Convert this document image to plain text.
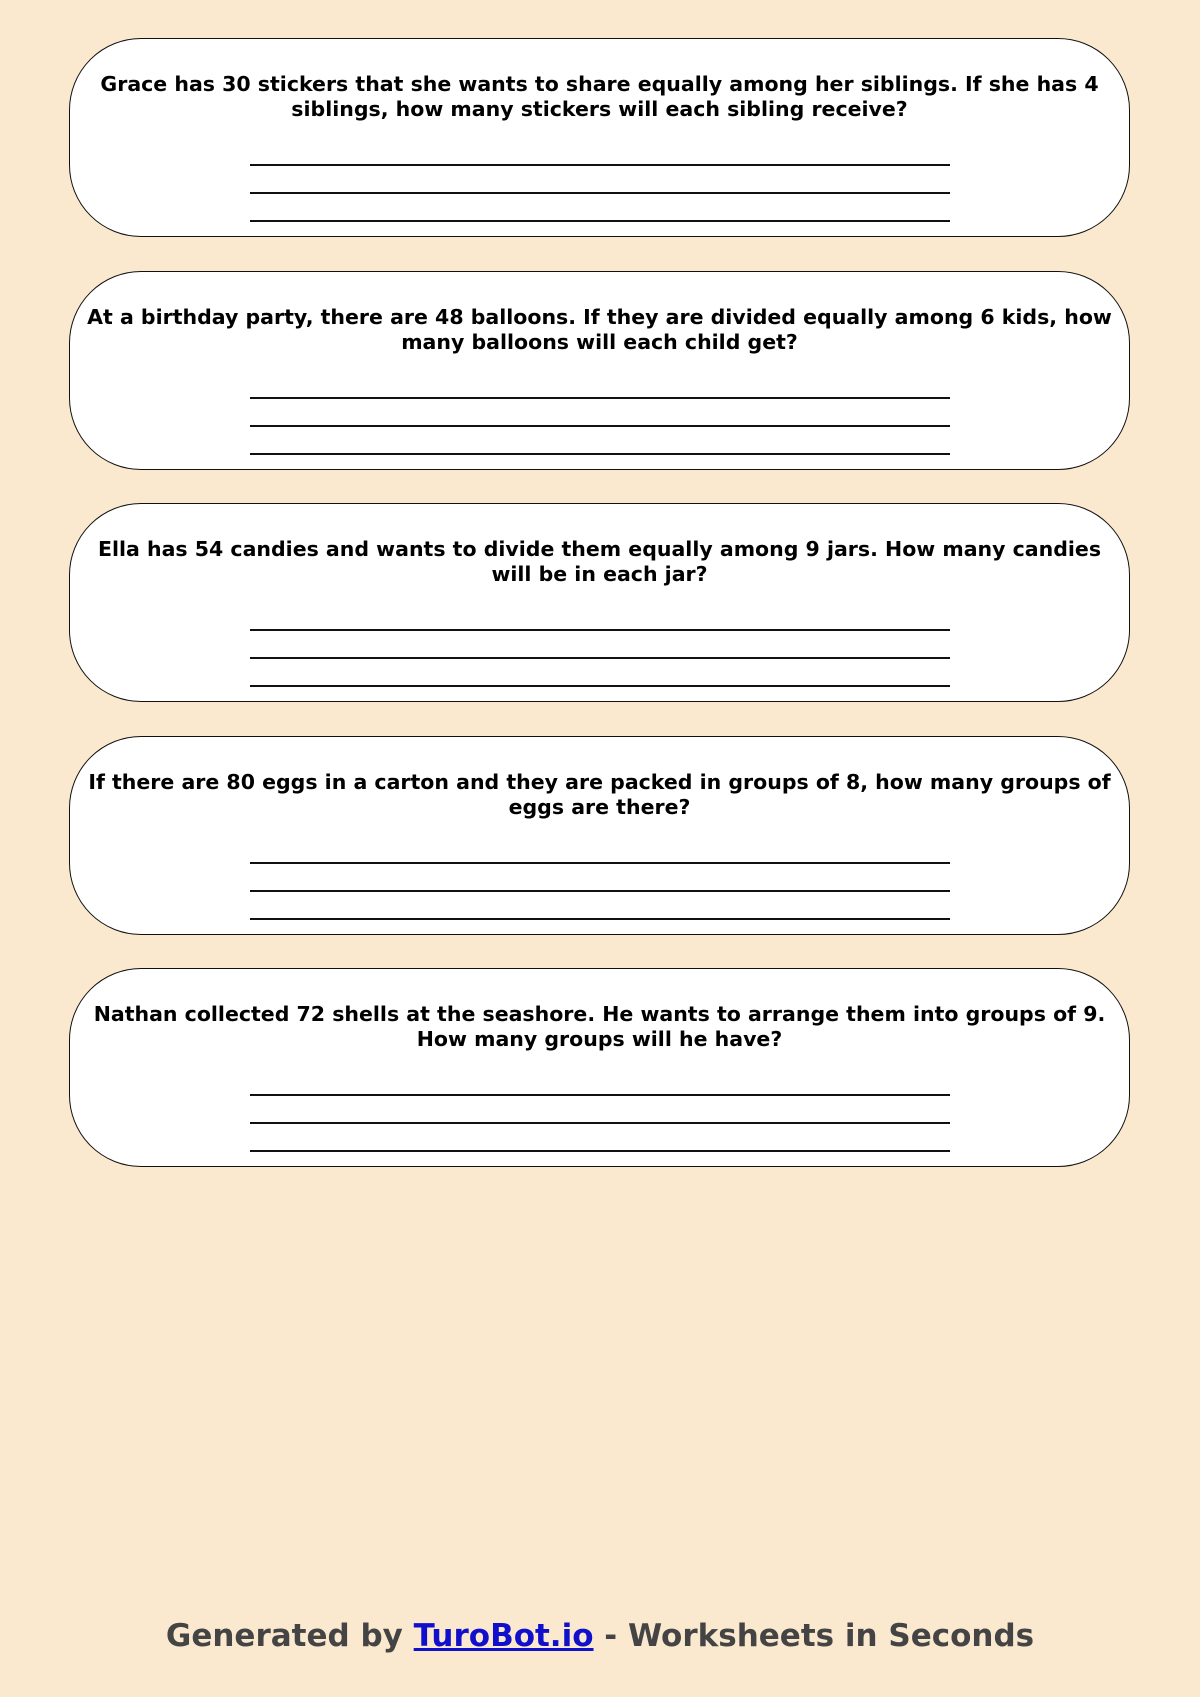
Grace has 30 stickers that she wants to share equally among her siblings. If she has 4 siblings, how many stickers will each sibling receive?

At a birthday party, there are 48 balloons. If they are divided equally among 6 kids, how many balloons will each child get?

Ella has 54 candies and wants to divide them equally among 9 jars. How many candies will be in each jar?

If there are 80 eggs in a carton and they are packed in groups of 8, how many groups of eggs are there?

Nathan collected 72 shells at the seashore. He wants to arrange them into groups of 9. How many groups will he have?

Generated by TuroBot.io - Worksheets in Seconds
